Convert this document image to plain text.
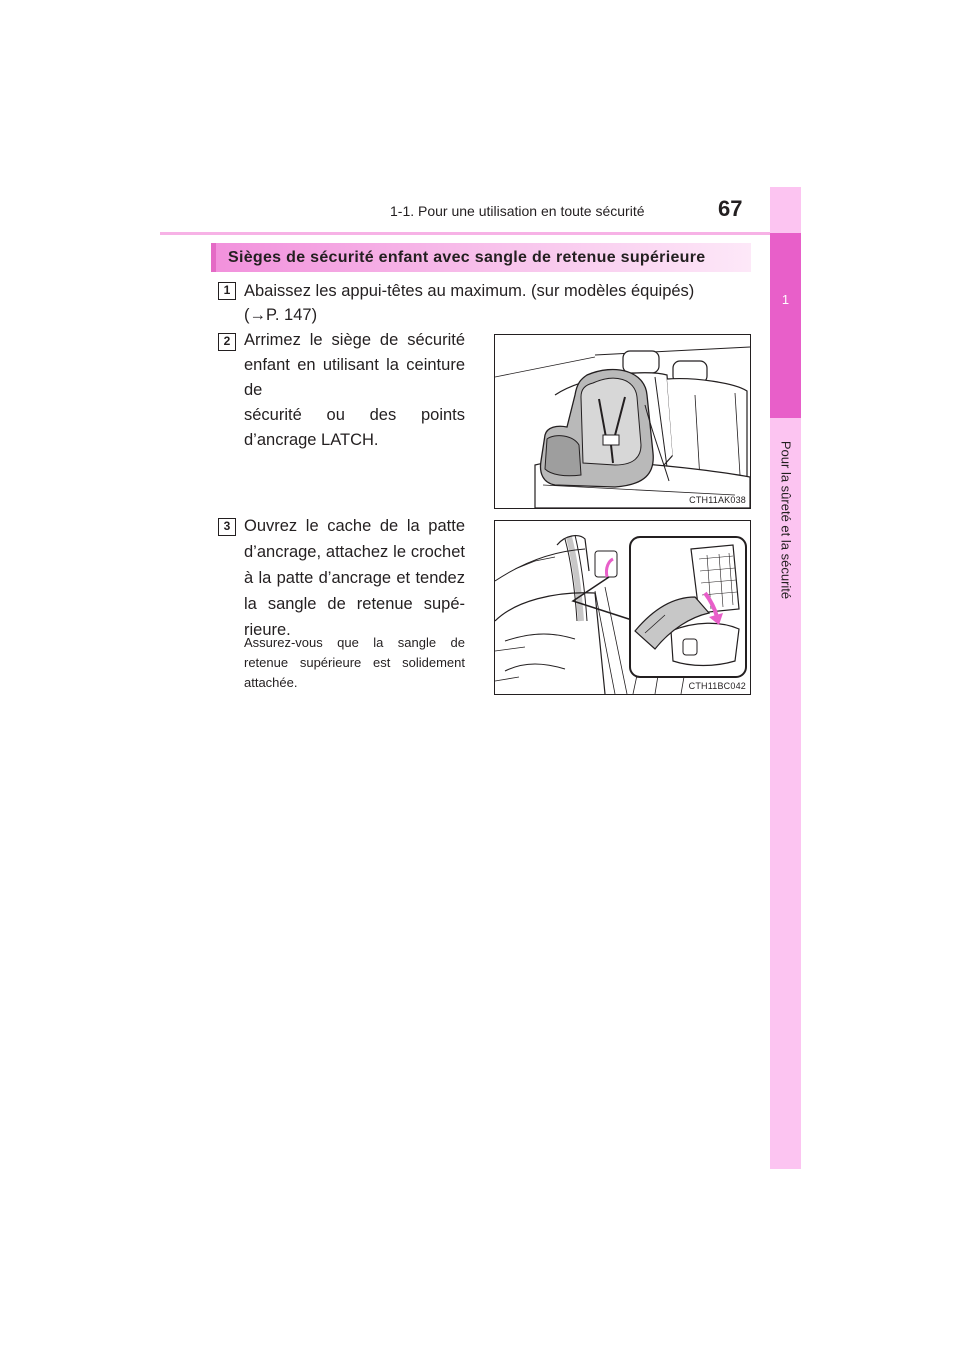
1-1. Pour une utilisation en toute sécurité	67
1
Pour la sûreté et la sécurité
Sièges de sécurité enfant avec sangle de retenue supérieure
1 Abaissez les appui-têtes au maximum. (sur modèles équipés)
(→P. 147)
2 Arrimez le siège de sécurité
enfant en utilisant la ceinture de
sécurité ou des points
d’ancrage LATCH.
CTH11AK038
3 Ouvrez le cache de la patte
d’ancrage, attachez le crochet
à la patte d’ancrage et tendez
la sangle de retenue supé-
rieure.
Assurez-vous que la sangle de retenue supérieure est solidement attachée.	CTH11BC042
